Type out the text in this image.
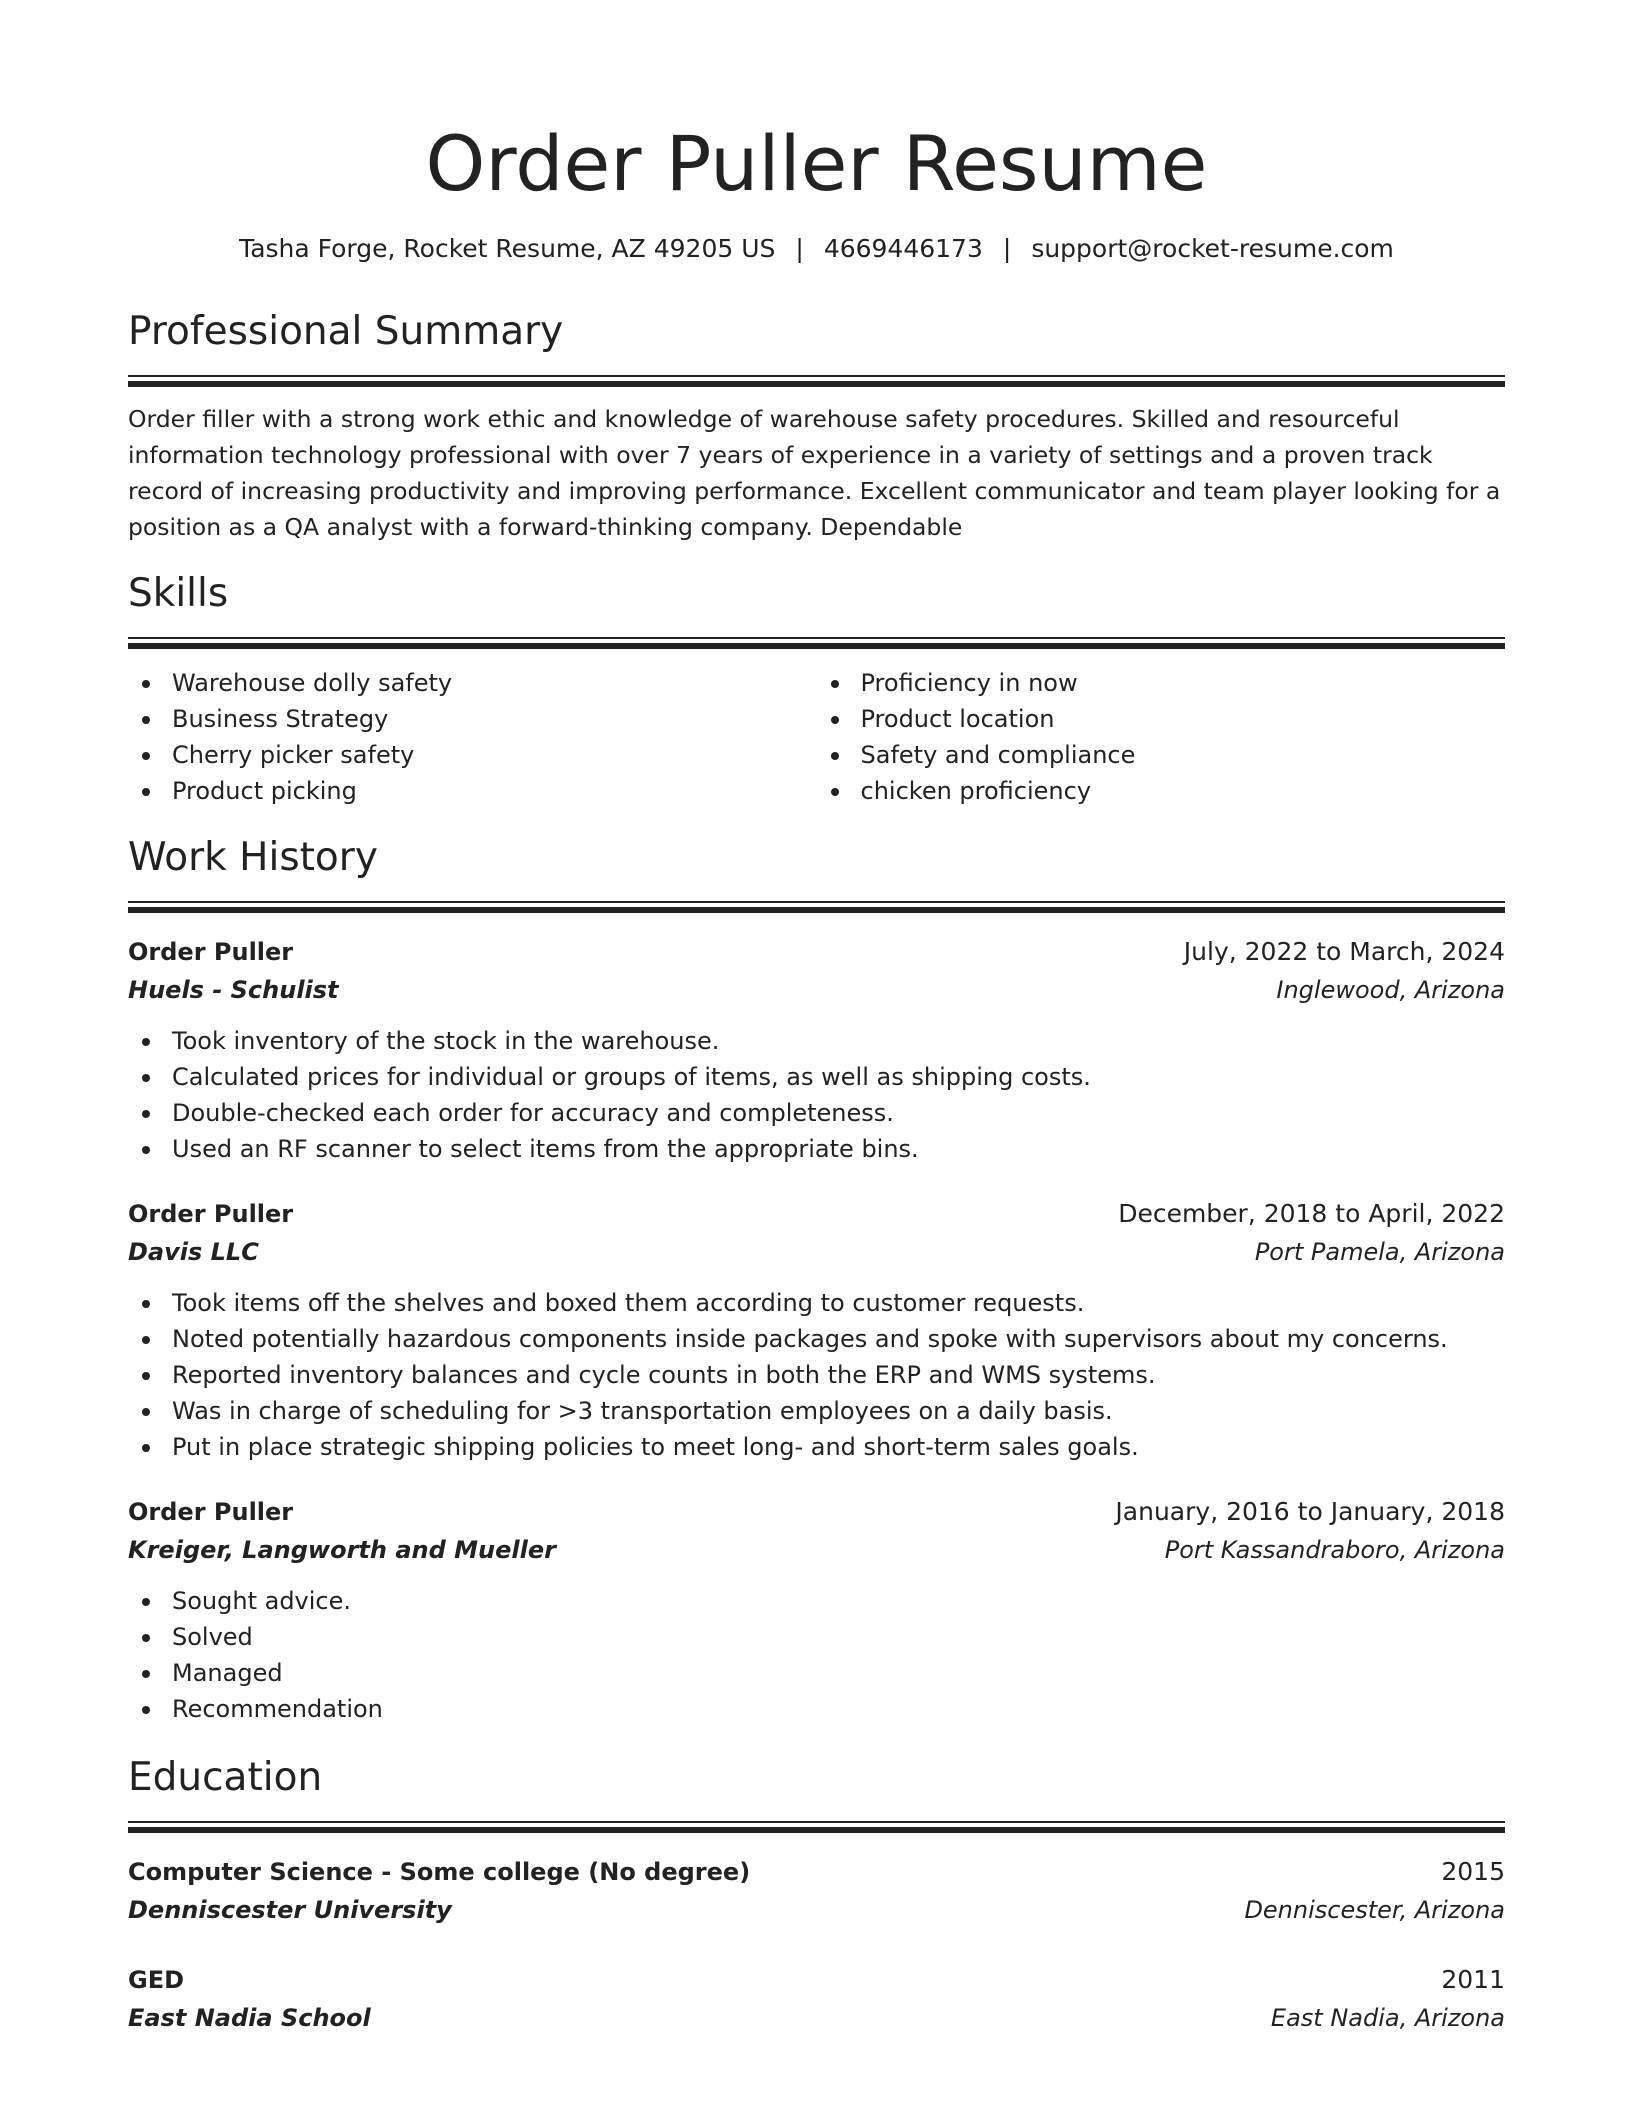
Order Puller Resume
Tasha Forge, Rocket Resume, AZ 49205 US | 4669446173 | support@rocket-resume.com
Professional Summary
Order filler with a strong work ethic and knowledge of warehouse safety procedures. Skilled and resourceful information technology professional with over 7 years of experience in a variety of settings and a proven track record of increasing productivity and improving performance. Excellent communicator and team player looking for a position as a QA analyst with a forward-thinking company. Dependable
Skills
Warehouse dolly safety
Business Strategy
Cherry picker safety
Product picking
Proficiency in now
Product location
Safety and compliance
chicken proficiency
Work History
Order Puller	July, 2022 to March, 2024
Huels - Schulist	Inglewood, Arizona
Took inventory of the stock in the warehouse.
Calculated prices for individual or groups of items, as well as shipping costs.
Double-checked each order for accuracy and completeness.
Used an RF scanner to select items from the appropriate bins.
Order Puller	December, 2018 to April, 2022
Davis LLC	Port Pamela, Arizona
Took items off the shelves and boxed them according to customer requests.
Noted potentially hazardous components inside packages and spoke with supervisors about my concerns.
Reported inventory balances and cycle counts in both the ERP and WMS systems.
Was in charge of scheduling for >3 transportation employees on a daily basis.
Put in place strategic shipping policies to meet long- and short-term sales goals.
Order Puller	January, 2016 to January, 2018
Kreiger, Langworth and Mueller	Port Kassandraboro, Arizona
Sought advice.
Solved
Managed
Recommendation
Education
Computer Science - Some college (No degree)	2015
Denniscester University	Denniscester, Arizona
GED	2011
East Nadia School	East Nadia, Arizona
